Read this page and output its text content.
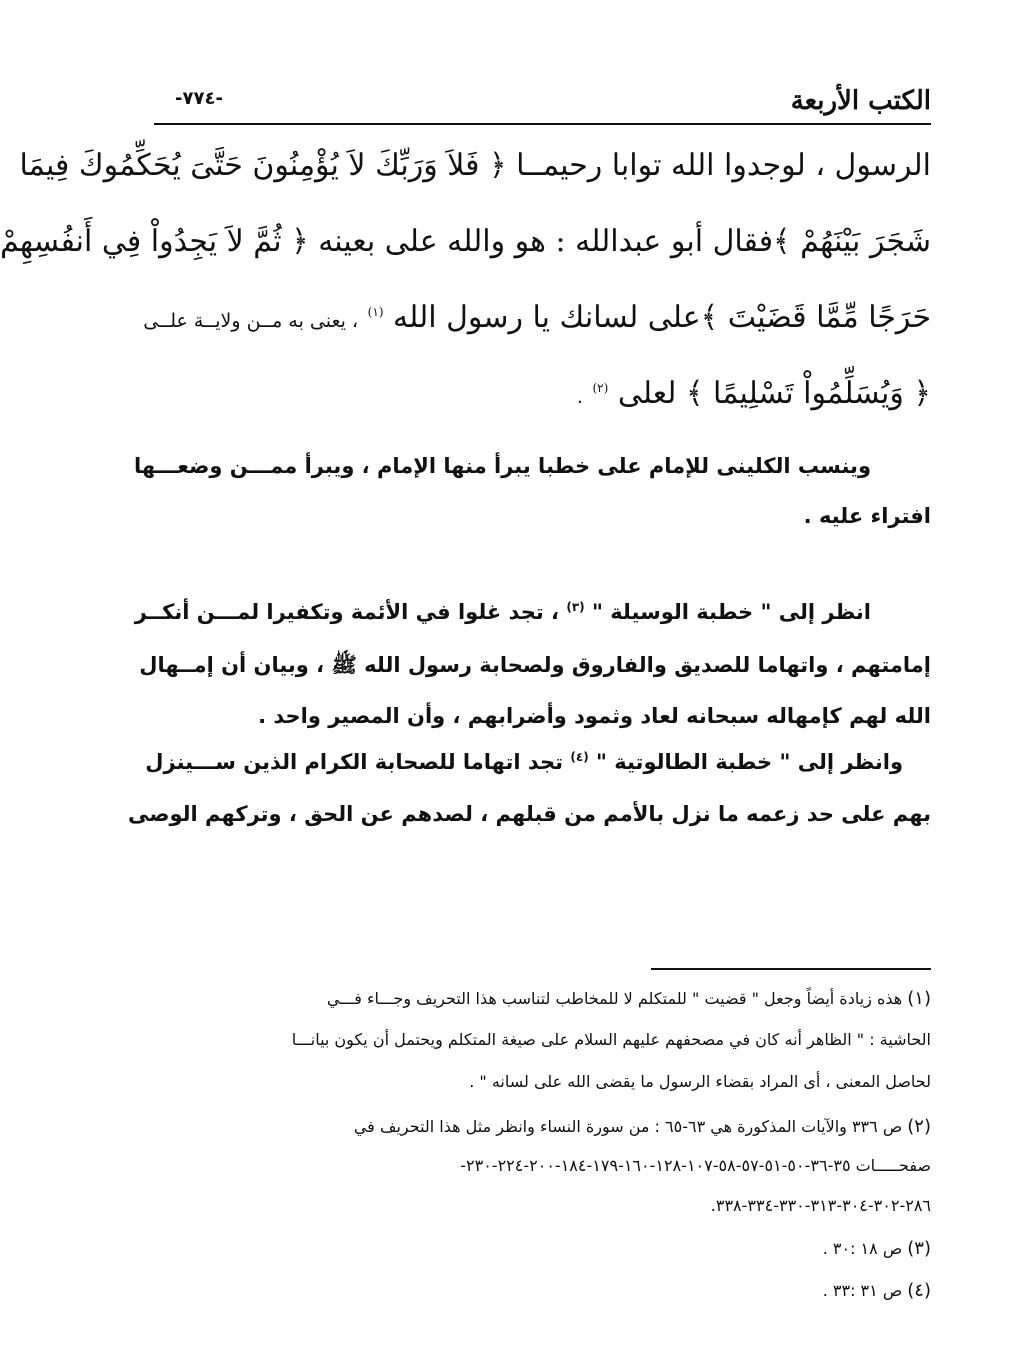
الكتب الأربعة
-٧٧٤-
الرسول ، لوجدوا الله توابا رحيمــا ﴿ فَلاَ وَرَبِّكَ لاَ يُؤْمِنُونَ حَتَّىَ يُحَكِّمُوكَ فِيمَا
شَجَرَ بَيْنَهُمْ ﴾فقال أبو عبدالله : هو والله على بعينه ﴿ ثُمَّ لاَ يَجِدُواْ فِي أَنفُسِهِمْ
حَرَجًا مِّمَّا قَضَيْتَ ﴾على لسانك يا رسول الله $^{(١)}$ ، يعنى به مــن ولايــة علــى
﴿ وَيُسَلِّمُواْ تَسْلِيمًا ﴾ لعلى $^{(٢)}$ .
وينسب الكلينى للإمام على خطبا يبرأ منها الإمام ، ويبرأ ممـــن وضعـــها
افتراء عليه .
انظر إلى " خطبة الوسيلة " $^{(٣)}$ ، تجد غلوا في الأئمة وتكفيرا لمـــن أنكــر
إمامتهم ، واتهاما للصديق والفاروق ولصحابة رسول الله ﷺ ، وبيان أن إمــهال
الله لهم كإمهاله سبحانه لعاد وثمود وأضرابهم ، وأن المصير واحد .
وانظر إلى " خطبة الطالوتية " $^{(٤)}$ تجد اتهاما للصحابة الكرام الذين ســـينزل
بهم على حد زعمه ما نزل بالأمم من قبلهم ، لصدهم عن الحق ، وتركهم الوصى
(١) هذه زيادة أيضاً وجعل " قضيت " للمتكلم لا للمخاطب لتناسب هذا التحريف وجـــاء فـــي
الحاشية : " الظاهر أنه كان في مصحفهم عليهم السلام على صيغة المتكلم ويحتمل أن يكون بيانـــا
لحاصل المعنى ، أى المراد بقضاء الرسول ما يقضى الله على لسانه " .
(٢) ص ٣٣٦ والآيات المذكورة هي ٦٣-٦٥ : من سورة النساء وانظر مثل هذا التحريف في
صفحـــــات ٣٥-٣٦-٥٠-٥١-٥٧-٥٨-١٠٧-١٢٨-١٦٠-١٧٩-١٨٤-٢٠٠-٢٢٤-٢٣٠-
٢٨٦-٣٠٢-٣٠٤-٣١٣-٣٣٠-٣٣٤-٣٣٨.
(٣) ص ١٨ :٣٠ .
(٤) ص ٣١ :٣٣ .
